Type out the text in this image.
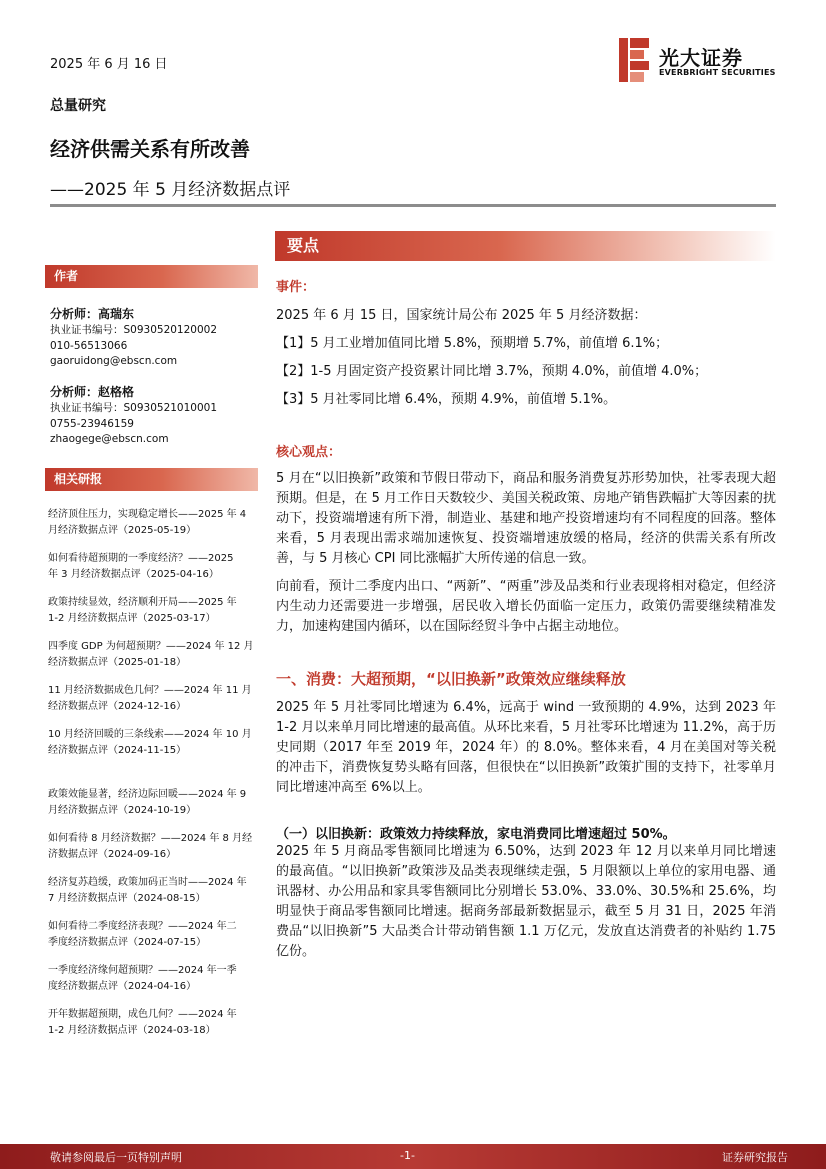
2025 年 6 月 16 日
总量研究
经济供需关系有所改善
——2025 年 5 月经济数据点评
光大证券
EVERBRIGHT SECURITIES
作者
分析师：高瑞东
执业证书编号：S0930520120002
010-56513066
gaoruidong@ebscn.com
分析师：赵格格
执业证书编号：S0930521010001
0755-23946159
zhaogege@ebscn.com
相关研报
经济顶住压力，实现稳定增长——2025 年 4
月经济数据点评（2025-05-19）
如何看待超预期的一季度经济？——2025
年 3 月经济数据点评（2025-04-16）
政策持续显效，经济顺利开局——2025 年
1-2 月经济数据点评（2025-03-17）
四季度 GDP 为何超预期？——2024 年 12 月
经济数据点评（2025-01-18）
11 月经济数据成色几何？——2024 年 11 月
经济数据点评（2024-12-16）
10 月经济回暖的三条线索——2024 年 10 月
经济数据点评（2024-11-15）
政策效能显著，经济边际回暖——2024 年 9
月经济数据点评（2024-10-19）
如何看待 8 月经济数据？——2024 年 8 月经
济数据点评（2024-09-16）
经济复苏趋缓，政策加码正当时——2024 年
7 月经济数据点评（2024-08-15）
如何看待二季度经济表现？——2024 年二
季度经济数据点评（2024-07-15）
一季度经济缘何超预期？——2024 年一季
度经济数据点评（2024-04-16）
开年数据超预期，成色几何？——2024 年
1-2 月经济数据点评（2024-03-18）
要点
事件：

2025 年 6 月 15 日，国家统计局公布 2025 年 5 月经济数据：

【1】5 月工业增加值同比增 5.8%，预期增 5.7%，前值增 6.1%；

【2】1-5 月固定资产投资累计同比增 3.7%，预期 4.0%，前值增 4.0%；

【3】5 月社零同比增 6.4%，预期 4.9%，前值增 5.1%。

核心观点：

5 月在“以旧换新”政策和节假日带动下，商品和服务消费复苏形势加快，社零表现大超预期。但是，在 5 月工作日天数较少、美国关税政策、房地产销售跌幅扩大等因素的扰动下，投资端增速有所下滑，制造业、基建和地产投资增速均有不同程度的回落。整体来看，5 月表现出需求端加速恢复、投资端增速放缓的格局，经济的供需关系有所改善，与 5 月核心 CPI 同比涨幅扩大所传递的信息一致。

向前看，预计二季度内出口、“两新”、“两重”涉及品类和行业表现将相对稳定，但经济内生动力还需要进一步增强，居民收入增长仍面临一定压力，政策仍需要继续精准发力，加速构建国内循环，以在国际经贸斗争中占据主动地位。

一、消费：大超预期，“以旧换新”政策效应继续释放

2025 年 5 月社零同比增速为 6.4%，远高于 wind 一致预期的 4.9%，达到 2023 年 1-2 月以来单月同比增速的最高值。从环比来看，5 月社零环比增速为 11.2%，高于历史同期（2017 年至 2019 年，2024 年）的 8.0%。整体来看，4 月在美国对等关税的冲击下，消费恢复势头略有回落，但很快在“以旧换新”政策扩围的支持下，社零单月同比增速冲高至 6%以上。

（一）以旧换新：政策效力持续释放，家电消费同比增速超过 50%。

2025 年 5 月商品零售额同比增速为 6.50%，达到 2023 年 12 月以来单月同比增速的最高值。“以旧换新”政策涉及品类表现继续走强，5 月限额以上单位的家用电器、通讯器材、办公用品和家具零售额同比分别增长 53.0%、33.0%、30.5%和 25.6%，均明显快于商品零售额同比增速。据商务部最新数据显示，截至 5 月 31 日，2025 年消费品“以旧换新”5 大品类合计带动销售额 1.1 万亿元，发放直达消费者的补贴约 1.75 亿份。

敬请参阅最后一页特别声明	-1-	证券研究报告
